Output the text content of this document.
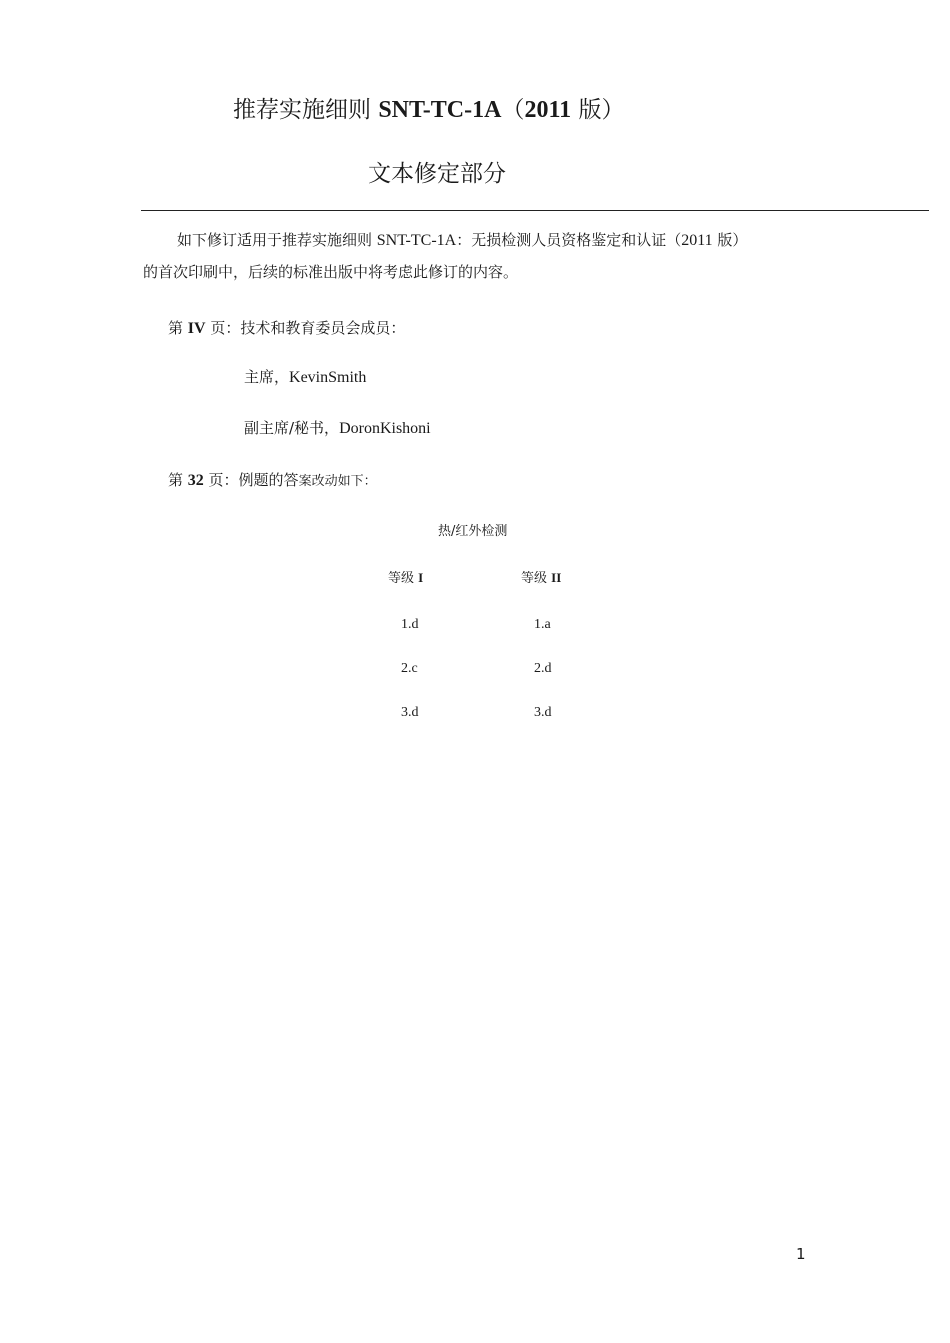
推荐实施细则 SNT-TC-1A（2011 版）
文本修定部分
如下修订适用于推荐实施细则 SNT-TC-1A：无损检测人员资格鉴定和认证（2011 版）
的首次印刷中，后续的标准出版中将考虑此修订的内容。
第 IV 页：技术和教育委员会成员：
主席，KevinSmith
副主席/秘书，DoronKishoni
第 32 页：例题的答案改动如下：
热/红外检测
等级 I	等级 II
1.d	1.a
2.c	2.d
3.d	3.d
1
